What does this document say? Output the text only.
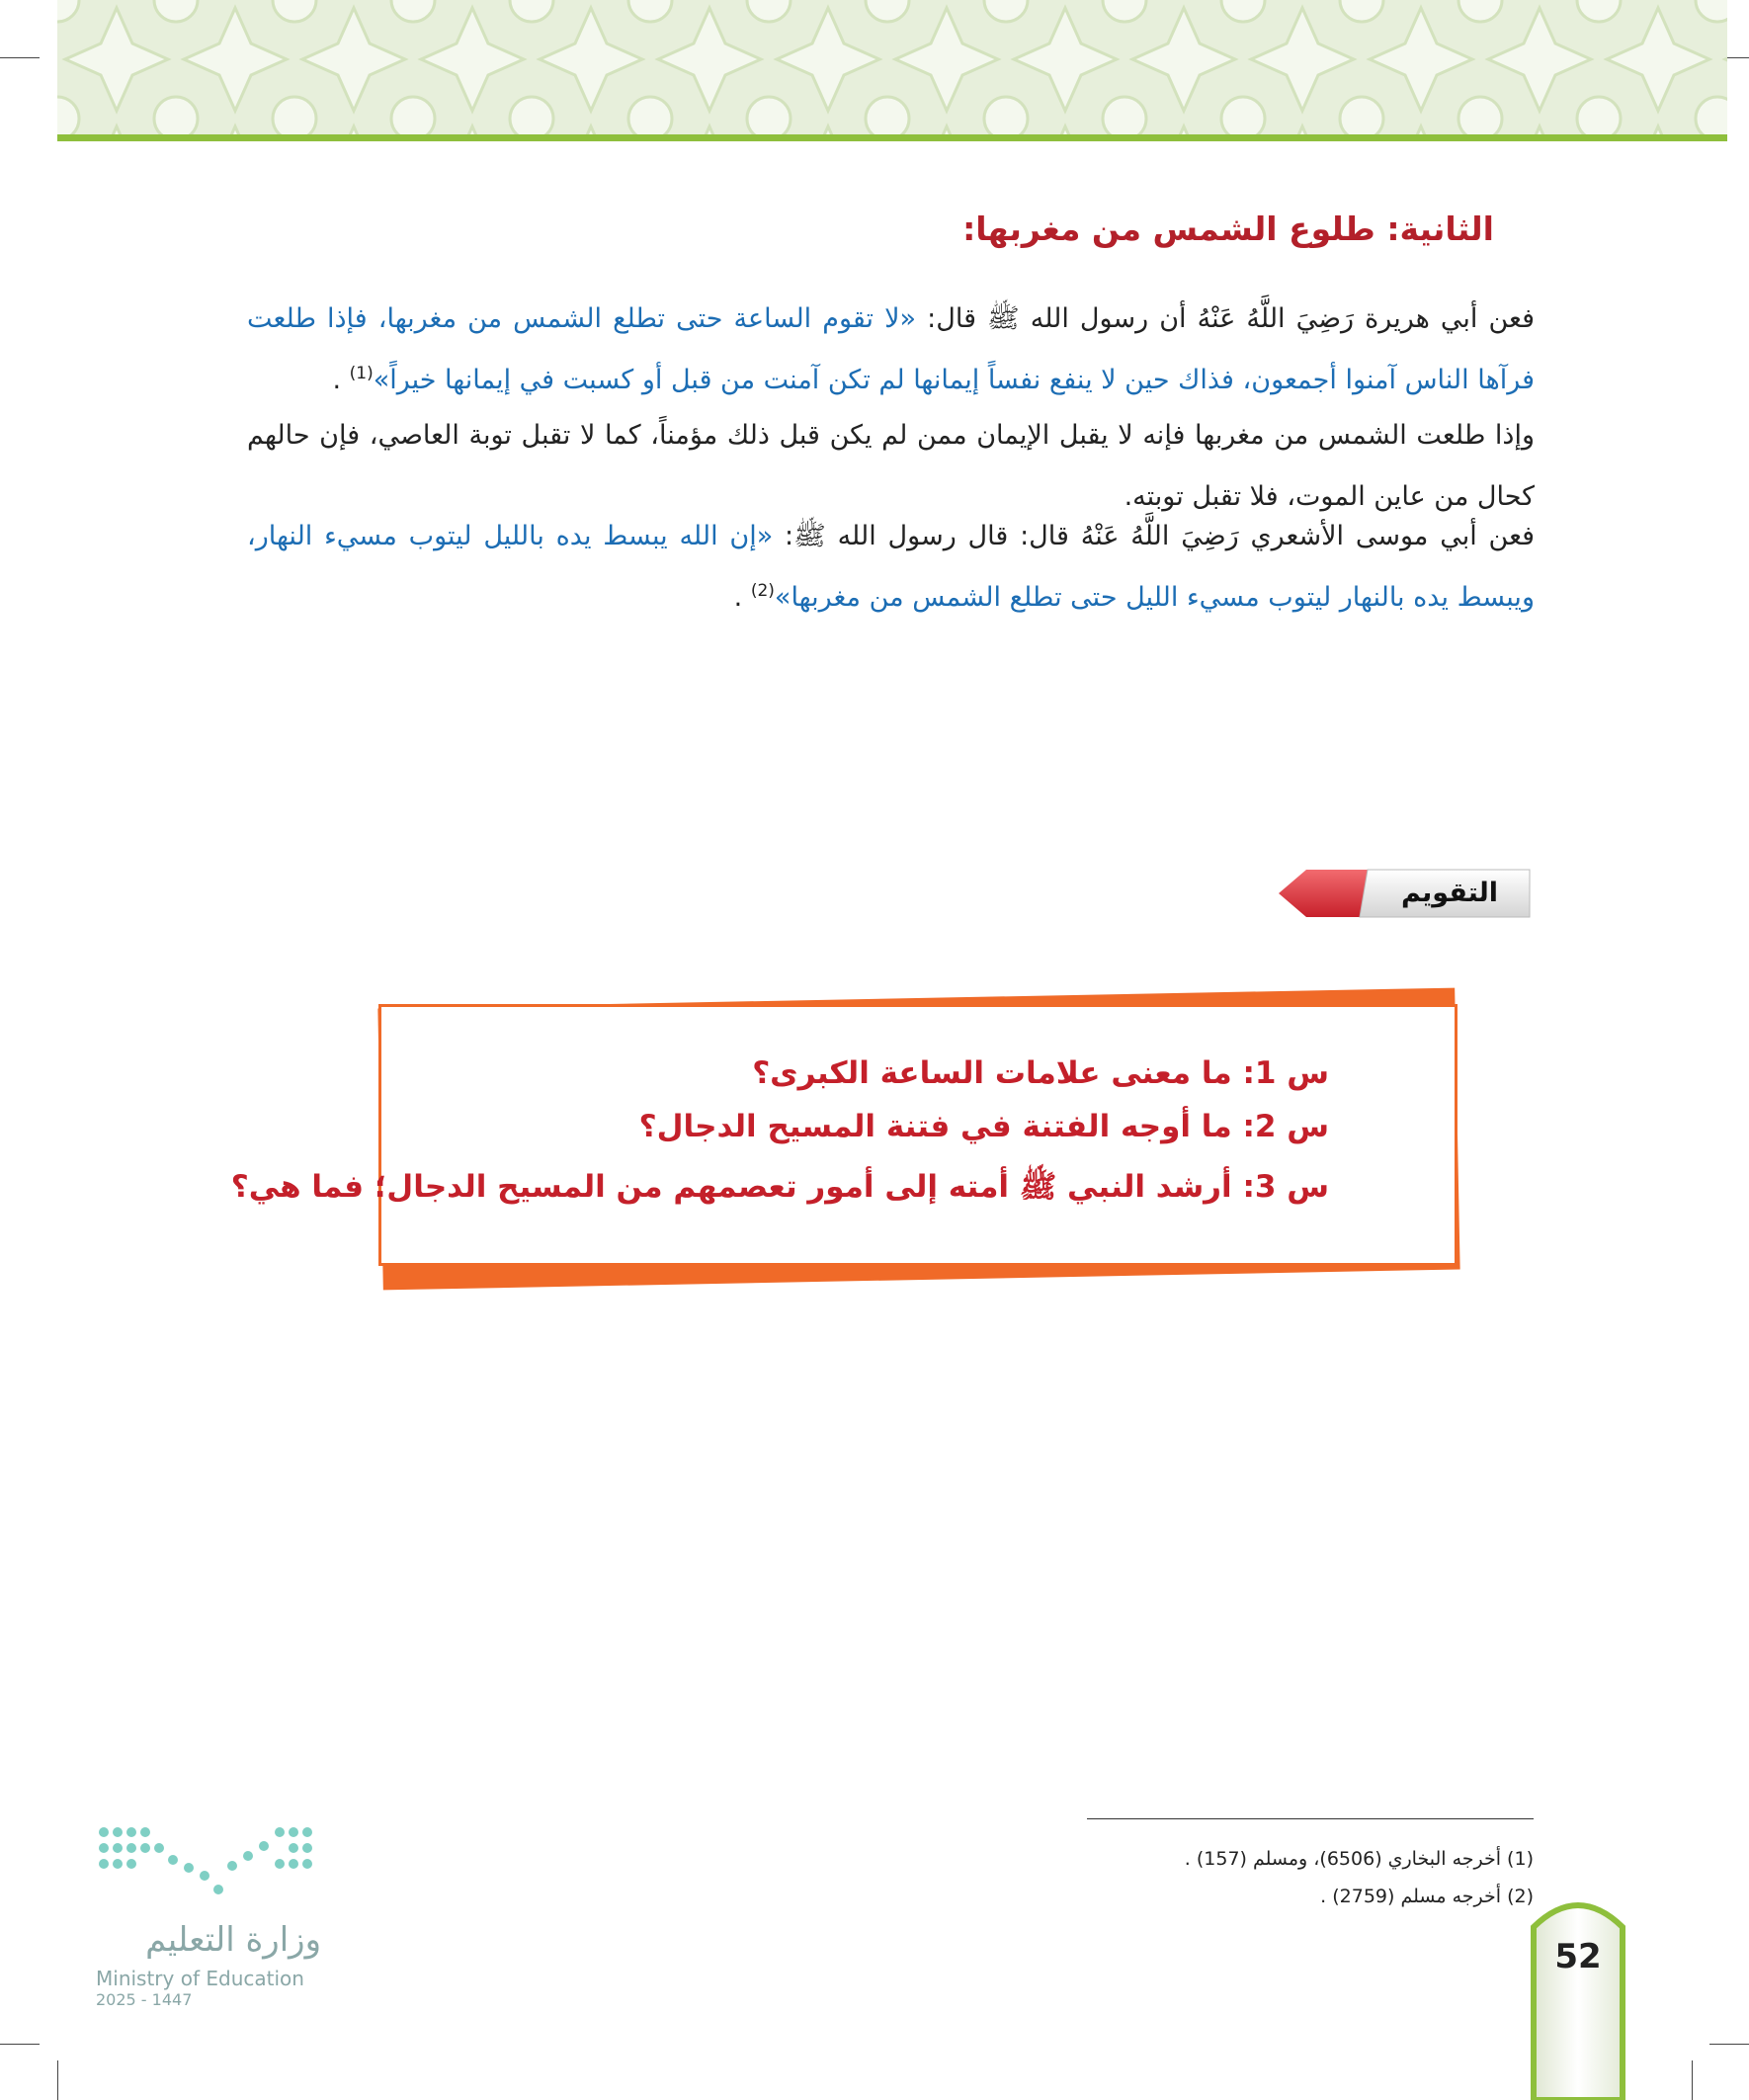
الثانية: طلوع الشمس من مغربها:

فعن أبي هريرة رَضِيَ اللَّهُ عَنْهُ أن رسول الله ﷺ قال: «لا تقوم الساعة حتى تطلع الشمس من مغربها، فإذا طلعت فرآها الناس آمنوا أجمعون، فذاك حين لا ينفع نفساً إيمانها لم تكن آمنت من قبل أو كسبت في إيمانها خيراً»$^{(1)}$ .

وإذا طلعت الشمس من مغربها فإنه لا يقبل الإيمان ممن لم يكن قبل ذلك مؤمناً، كما لا تقبل توبة العاصي، فإن حالهم كحال من عاين الموت، فلا تقبل توبته.

فعن أبي موسى الأشعري رَضِيَ اللَّهُ عَنْهُ قال: قال رسول الله ﷺ: «إن الله يبسط يده بالليل ليتوب مسيء النهار، ويبسط يده بالنهار ليتوب مسيء الليل حتى تطلع الشمس من مغربها»$^{(2)}$ .

التقويم

س 1: ما معنى علامات الساعة الكبرى؟

س 2: ما أوجه الفتنة في فتنة المسيح الدجال؟

س 3: أرشد النبي ﷺ أمته إلى أمور تعصمهم من المسيح الدجال؛ فما هي؟

(1) أخرجه البخاري (6506)، ومسلم (157) .

(2) أخرجه مسلم (2759) .

وزارة التعليم
Ministry of Education
2025 - 1447
52
